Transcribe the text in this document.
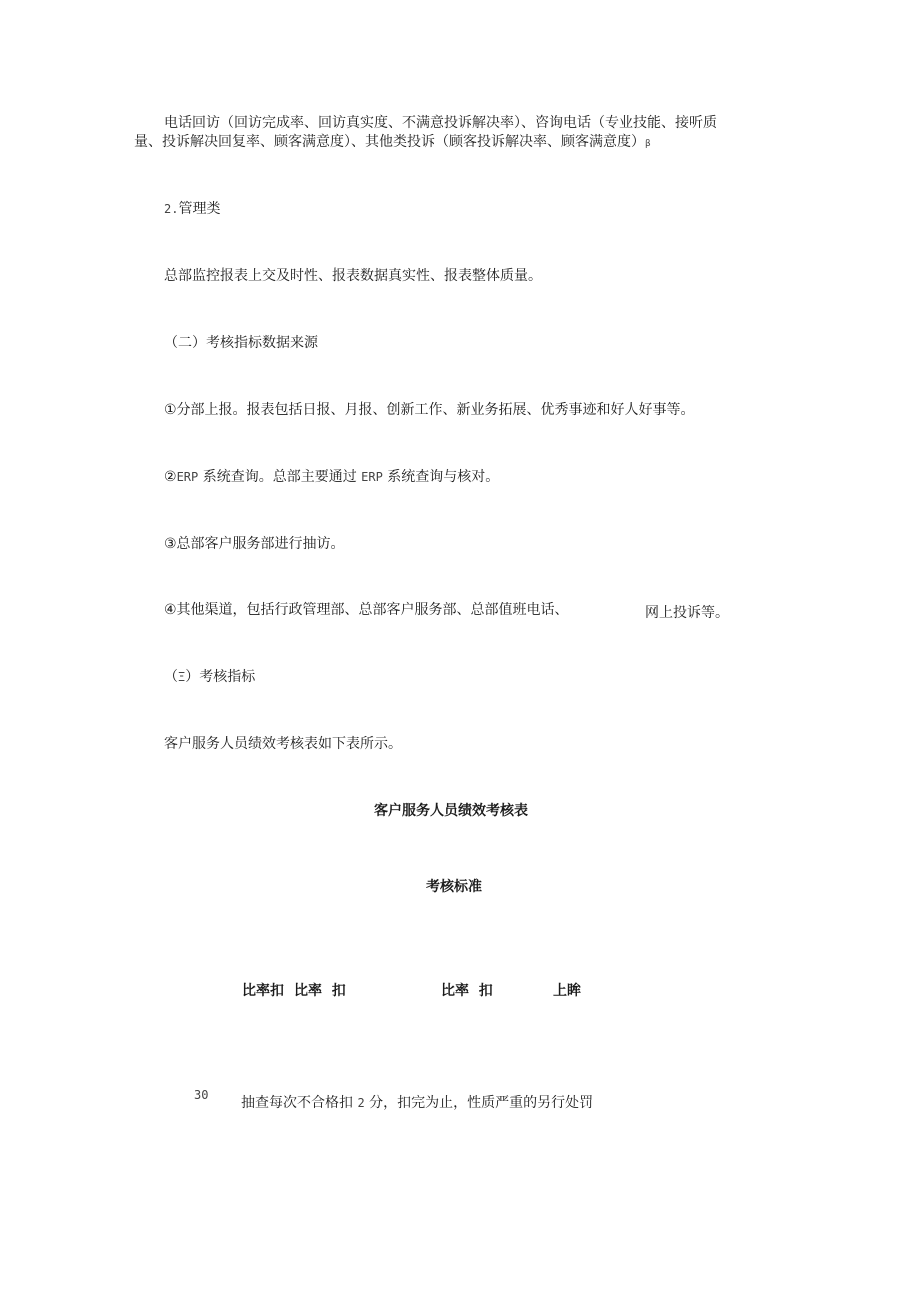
电话回访（回访完成率、回访真实度、不满意投诉解决率）、咨询电话（专业技能、接听质
量、投诉解决回复率、顾客满意度）、其他类投诉（顾客投诉解决率、顾客满意度）β
2.管理类
总部监控报表上交及时性、报表数据真实性、报表整体质量。
（二）考核指标数据来源
①分部上报。报表包括日报、月报、创新工作、新业务拓展、优秀事迹和好人好事等。
②ERP 系统查询。总部主要通过 ERP 系统查询与核对。
③总部客户服务部进行抽访。
④其他渠道，包括行政管理部、总部客户服务部、总部值班电话、	网上投诉等。
（Ξ）考核指标
客户服务人员绩效考核表如下表所示。
客户服务人员绩效考核表
考核标准
比率扣 比率  扣	比率  扣	上眸
30 抽查每次不合格扣 2 分，扣完为止，性质严重的另行处罚
